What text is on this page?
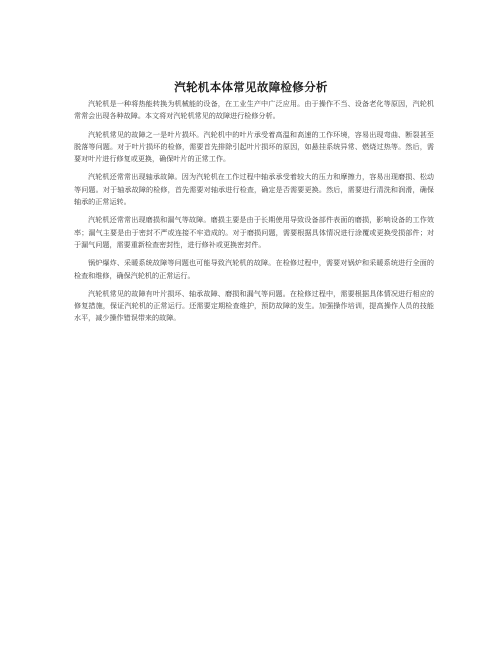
汽轮机本体常见故障检修分析

汽轮机是一种将热能转换为机械能的设备，在工业生产中广泛应用。由于操作不当、设备老化等原因，汽轮机常常会出现各种故障。本文将对汽轮机常见的故障进行检修分析。

汽轮机常见的故障之一是叶片损坏。汽轮机中的叶片承受着高温和高速的工作环境，容易出现弯曲、断裂甚至脱落等问题。对于叶片损坏的检修，需要首先排除引起叶片损坏的原因，如悬挂系统异常、燃烧过热等。然后，需要对叶片进行修复或更换，确保叶片的正常工作。

汽轮机还常常出现轴承故障。因为汽轮机在工作过程中轴承承受着较大的压力和摩擦力，容易出现磨损、松动等问题。对于轴承故障的检修，首先需要对轴承进行检查，确定是否需要更换。然后，需要进行清洗和润滑，确保轴承的正常运转。

汽轮机还常常出现磨损和漏气等故障。磨损主要是由于长期使用导致设备部件表面的磨损，影响设备的工作效率；漏气主要是由于密封不严或连接不牢造成的。对于磨损问题，需要根据具体情况进行涂覆或更换受损部件；对于漏气问题，需要重新检查密封性，进行修补或更换密封件。

锅炉爆炸、采暖系统故障等问题也可能导致汽轮机的故障。在检修过程中，需要对锅炉和采暖系统进行全面的检查和维修，确保汽轮机的正常运行。

汽轮机常见的故障有叶片损坏、轴承故障、磨损和漏气等问题。在检修过程中，需要根据具体情况进行相应的修复措施，保证汽轮机的正常运行。还需要定期检查维护，预防故障的发生。加强操作培训，提高操作人员的技能水平，减少操作错误带来的故障。
